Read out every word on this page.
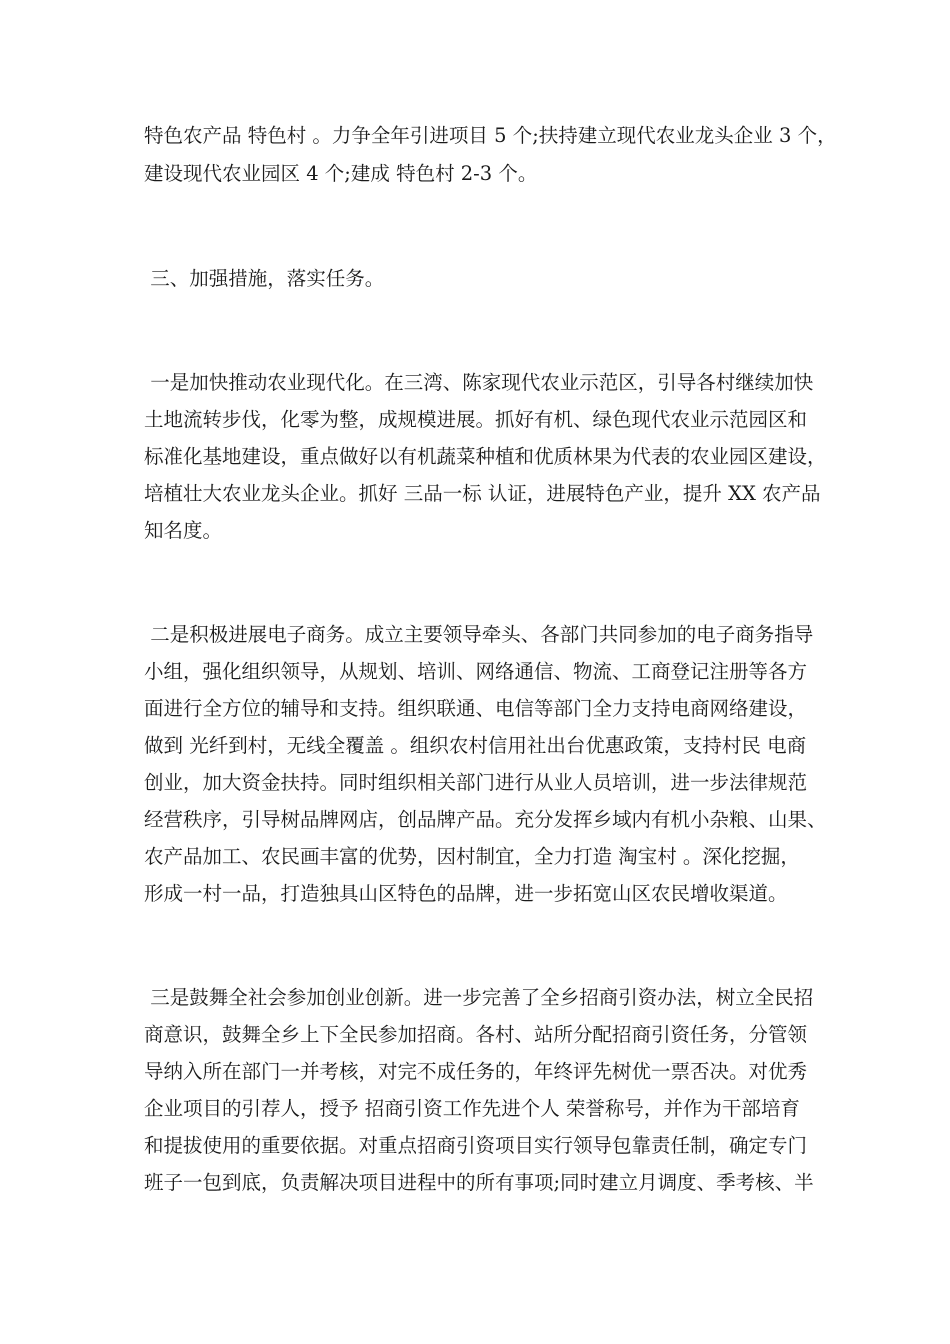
特色农产品 特色村 。力争全年引进项目 5 个;扶持建立现代农业龙头企业 3 个，
建设现代农业园区 4 个;建成 特色村 2-3 个。
三、加强措施，落实任务。
一是加快推动农业现代化。在三湾、陈家现代农业示范区，引导各村继续加快
土地流转步伐，化零为整，成规模进展。抓好有机、绿色现代农业示范园区和
标准化基地建设，重点做好以有机蔬菜种植和优质林果为代表的农业园区建设，
培植壮大农业龙头企业。抓好 三品一标 认证，进展特色产业，提升 XX 农产品
知名度。
二是积极进展电子商务。成立主要领导牵头、各部门共同参加的电子商务指导
小组，强化组织领导，从规划、培训、网络通信、物流、工商登记注册等各方
面进行全方位的辅导和支持。组织联通、电信等部门全力支持电商网络建设，
做到 光纤到村，无线全覆盖 。组织农村信用社出台优惠政策，支持村民 电商
创业，加大资金扶持。同时组织相关部门进行从业人员培训，进一步法律规范
经营秩序，引导树品牌网店，创品牌产品。充分发挥乡域内有机小杂粮、山果、
农产品加工、农民画丰富的优势，因村制宜，全力打造 淘宝村 。深化挖掘，
形成一村一品，打造独具山区特色的品牌，进一步拓宽山区农民增收渠道。
三是鼓舞全社会参加创业创新。进一步完善了全乡招商引资办法，树立全民招
商意识，鼓舞全乡上下全民参加招商。各村、站所分配招商引资任务，分管领
导纳入所在部门一并考核，对完不成任务的，年终评先树优一票否决。对优秀
企业项目的引荐人，授予 招商引资工作先进个人 荣誉称号，并作为干部培育
和提拔使用的重要依据。对重点招商引资项目实行领导包靠责任制，确定专门
班子一包到底，负责解决项目进程中的所有事项;同时建立月调度、季考核、半
